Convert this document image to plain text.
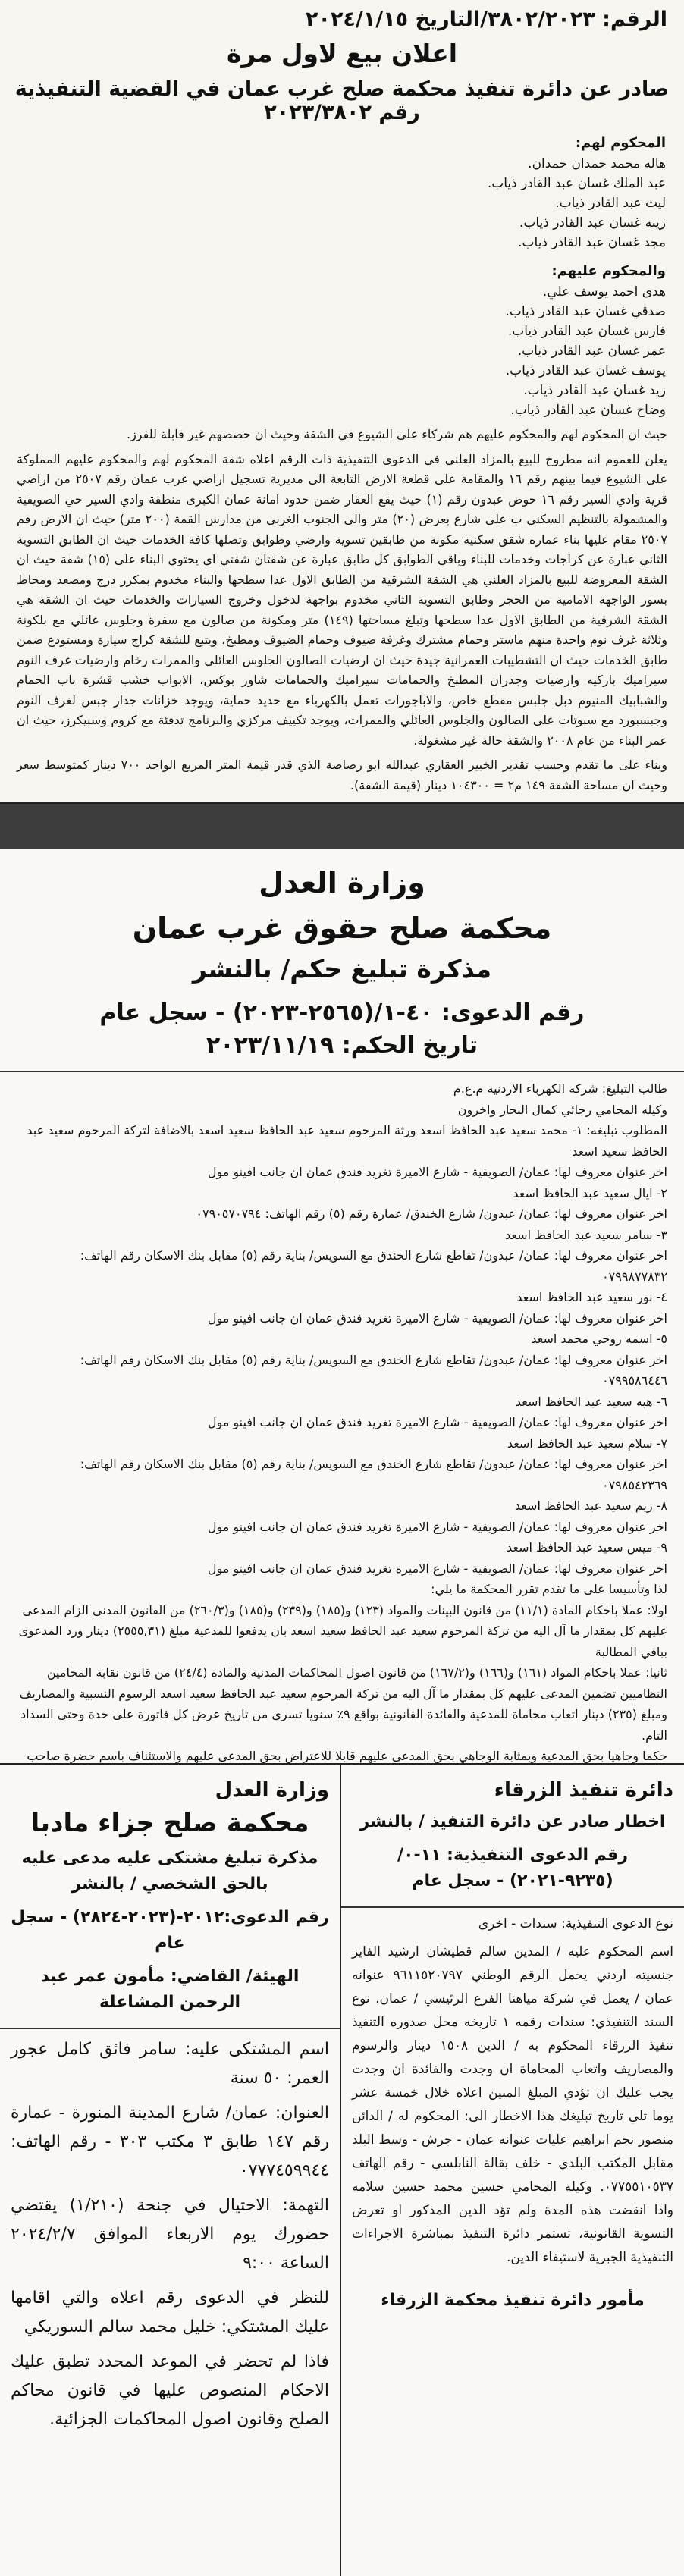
الرقم: ٣٨٠٢/٢٠٢٣/التاريخ ٢٠٢٤/١/١٥

اعلان بيع لاول مرة

صادر عن دائرة تنفيذ محكمة صلح غرب عمان في القضية التنفيذية رقم ٢٠٢٣/٣٨٠٢

المحكوم لهم:
هاله محمد حمدان حمدان.
عبد الملك غسان عبد القادر ذياب.
ليث عبد القادر ذياب.
زينه غسان عبد القادر ذياب.
مجد غسان عبد القادر ذياب.
والمحكوم عليهم:
هدى احمد يوسف علي.
صدقي غسان عبد القادر ذياب.
فارس غسان عبد القادر ذياب.
عمر غسان عبد القادر ذياب.
يوسف غسان عبد القادر ذياب.
زيد غسان عبد القادر ذياب.
وضاح غسان عبد القادر ذياب.

حيث ان المحكوم لهم والمحكوم عليهم هم شركاء على الشيوع في الشقة وحيث ان حصصهم غير قابلة للفرز.

يعلن للعموم انه مطروح للبيع بالمزاد العلني في الدعوى التنفيذية ذات الرقم اعلاه شقة المحكوم لهم والمحكوم عليهم المملوكة على الشيوع فيما بينهم رقم ١٦ والمقامة على قطعة الارض التابعة الى مديرية تسجيل اراضي غرب عمان رقم ٢٥٠٧ من اراضي قرية وادي السير رقم ١٦ حوض عبدون رقم (١) حيث يقع العقار ضمن حدود امانة عمان الكبرى منطقة وادي السير حي الصويفية والمشمولة بالتنظيم السكني ب على شارع بعرض (٢٠) متر والى الجنوب الغربي من مدارس القمة (٢٠٠ متر) حيث ان الارض رقم ٢٥٠٧ مقام عليها بناء عمارة شقق سكنية مكونة من طابقين تسوية وارضي وطوابق وتصلها كافة الخدمات حيث ان الطابق التسوية الثاني عبارة عن كراجات وخدمات للبناء وباقي الطوابق كل طابق عبارة عن شقتان شقتي اي يحتوي البناء على (١٥) شقة حيث ان الشقة المعروضة للبيع بالمزاد العلني هي الشقة الشرقية من الطابق الاول عدا سطحها والبناء مخدوم بمكرر درج ومصعد ومحاط بسور الواجهة الامامية من الحجر وطابق التسوية الثاني مخدوم بواجهة لدخول وخروج السيارات والخدمات حيث ان الشقة هي الشقة الشرقية من الطابق الاول عدا سطحها وتبلغ مساحتها (١٤٩) متر ومكونة من صالون مع سفرة وجلوس عائلي مع بلكونة وثلاثة غرف نوم واحدة منهم ماستر وحمام مشترك وغرفة ضيوف وحمام الضيوف ومطبخ، ويتبع للشقة كراج سيارة ومستودع ضمن طابق الخدمات حيث ان التشطيبات العمرانية جيدة حيث ان ارضيات الصالون الجلوس العائلي والممرات رخام وارضيات غرف النوم سيراميك باركيه وارضيات وجدران المطبخ والحمامات سيراميك والحمامات شاور بوكس، الابواب خشب قشرة باب الحمام والشبابيك المنيوم دبل جلبس مقطع خاص، والاباجورات تعمل بالكهرباء مع حديد حماية، ويوجد خزانات جدار جبس لغرف النوم وجبسبورد مع سبوتات على الصالون والجلوس العائلي والممرات، ويوجد تكييف مركزي والبرنامج تدفئة مع كروم وسبيكرز، حيث ان عمر البناء من عام ٢٠٠٨ والشقة حالة غير مشغولة.

وبناء على ما تقدم وحسب تقدير الخبير العقاري عبدالله ابو رصاصة الذي قدر قيمة المتر المربع الواحد ٧٠٠ دينار كمتوسط سعر وحيث ان مساحة الشقة ١٤٩ م٢ = ١٠٤٣٠٠ دينار (قيمة الشقة).

وزارة العدل
محكمة صلح حقوق غرب عمان
مذكرة تبليغ حكم/ بالنشر
رقم الدعوى: ٤٠-١/(٢٥٦٥-٢٠٢٣) - سجل عام
تاريخ الحكم: ٢٠٢٣/١١/١٩

طالب التبليغ: شركة الكهرباء الاردنية م.ع.م

وكيله المحامي رجائي كمال النجار واخرون

المطلوب تبليغه: ١- محمد سعيد عبد الحافظ اسعد ورثة المرحوم سعيد عبد الحافظ سعيد اسعد بالاضافة لتركة المرحوم سعيد عبد الحافظ سعيد اسعد

اخر عنوان معروف لها: عمان/ الصويفية - شارع الاميرة تغريد فندق عمان ان جانب افينو مول

٢- ايال سعيد عبد الحافظ اسعد

اخر عنوان معروف لها: عمان/ عبدون/ شارع الخندق/ عمارة رقم (٥) رقم الهاتف: ٠٧٩٠٥٧٠٧٩٤

٣- سامر سعيد عبد الحافظ اسعد

اخر عنوان معروف لها: عمان/ عبدون/ تقاطع شارع الخندق مع السويس/ بناية رقم (٥) مقابل بنك الاسكان رقم الهاتف: ٠٧٩٩٨٧٧٨٣٢

٤- نور سعيد عبد الحافظ اسعد

اخر عنوان معروف لها: عمان/ الصويفية - شارع الاميرة تغريد فندق عمان ان جانب افينو مول

٥- اسمه روحي محمد اسعد

اخر عنوان معروف لها: عمان/ عبدون/ تقاطع شارع الخندق مع السويس/ بناية رقم (٥) مقابل بنك الاسكان رقم الهاتف: ٠٧٩٩٥٨٦٤٤٦

٦- هبه سعيد عبد الحافظ اسعد

اخر عنوان معروف لها: عمان/ الصويفية - شارع الاميرة تغريد فندق عمان ان جانب افينو مول

٧- سلام سعيد عبد الحافظ اسعد

اخر عنوان معروف لها: عمان/ عبدون/ تقاطع شارع الخندق مع السويس/ بناية رقم (٥) مقابل بنك الاسكان رقم الهاتف: ٠٧٩٨٥٤٢٣٦٩

٨- ريم سعيد عبد الحافظ اسعد

اخر عنوان معروف لها: عمان/ الصويفية - شارع الاميرة تغريد فندق عمان ان جانب افينو مول

٩- ميس سعيد عبد الحافظ اسعد

اخر عنوان معروف لها: عمان/ الصويفية - شارع الاميرة تغريد فندق عمان ان جانب افينو مول

لذا وتأسيسا على ما تقدم تقرر المحكمة ما يلي:

اولا: عملا باحكام المادة (١١/١) من قانون البينات والمواد (١٢٣) و(١٨٥) و(٢٣٩) و(١٨٥) و(٢٦٠/٣) من القانون المدني الزام المدعى عليهم كل بمقدار ما آل اليه من تركة المرحوم سعيد عبد الحافظ سعيد اسعد بان يدفعوا للمدعية مبلغ (٢٥٥٥,٣١) دينار ورد المدعوى بباقي المطالبة

ثانيا: عملا باحكام المواد (١٦١) و(١٦٦) و(١٦٧/٢) من قانون اصول المحاكمات المدنية والمادة (٢٤/٤) من قانون نقابة المحامين النظاميين تضمين المدعى عليهم كل بمقدار ما آل اليه من تركة المرحوم سعيد عبد الحافظ سعيد اسعد الرسوم النسبية والمصاريف ومبلغ (٢٣٥) دينار اتعاب محاماة للمدعية والفائدة القانونية بواقع ٩٪ سنويا تسري من تاريخ عرض كل فاتورة على حدة وحتى السداد التام.

حكما وجاهيا بحق المدعية وبمثابة الوجاهي بحق المدعى عليهم قابلا للاعتراض بحق المدعى عليهم والاستئناف باسم حضرة صاحب

دائرة تنفيذ الزرقاء
اخطار صادر عن دائرة التنفيذ / بالنشر
رقم الدعوى التنفيذية: ١١-٠/ (٩٢٣٥-٢٠٢١) - سجل عام

نوع الدعوى التنفيذية: سندات - اخرى

اسم المحكوم عليه / المدين سالم قطيشان ارشيد الفايز جنسيته اردني يحمل الرقم الوطني ٩٦١١٥٢٠٧٩٧ عنوانه عمان / يعمل في شركة مياهنا الفرع الرئيسي / عمان. نوع السند التنفيذي: سندات رقمه ١ تاريخه محل صدوره التنفيذ تنفيذ الزرقاء المحكوم به / الدين ١٥٠٨ دينار والرسوم والمصاريف واتعاب المحاماة ان وجدت والفائدة ان وجدت يجب عليك ان تؤدي المبلغ المبين اعلاه خلال خمسة عشر يوما تلي تاريخ تبليغك هذا الاخطار الى: المحكوم له / الدائن منصور نجم ابراهيم عليات عنوانه عمان - جرش - وسط البلد مقابل المكتب البلدي - خلف بقالة النابلسي - رقم الهاتف ٠٧٧٥٥١٠٥٣٧. وكيله المحامي حسين محمد حسين سلامه واذا انقضت هذه المدة ولم تؤد الدين المذكور او تعرض التسوية القانونية، تستمر دائرة التنفيذ بمباشرة الاجراءات التنفيذية الجبرية لاستيفاء الدين.

مأمور دائرة تنفيذ محكمة الزرقاء
وزارة العدل
محكمة صلح جزاء مادبا
مذكرة تبليغ مشتكى عليه مدعى عليه بالحق الشخصي / بالنشر
رقم الدعوى:٢٠١٢-(٢٠٢٣-٢٨٢٤) - سجل عام
الهيئة/ القاضي: مأمون عمر عبد الرحمن المشاعلة

اسم المشتكى عليه: سامر فائق كامل عجور العمر: ٥٠ سنة

العنوان: عمان/ شارع المدينة المنورة - عمارة رقم ١٤٧ طابق ٣ مكتب ٣٠٣ - رقم الهاتف: ٠٧٧٧٤٥٩٩٤٤

التهمة: الاحتيال في جنحة (١/٢١٠) يقتضي حضورك يوم الاربعاء الموافق ٢٠٢٤/٢/٧ الساعة ٩:٠٠

للنظر في الدعوى رقم اعلاه والتي اقامها عليك المشتكي: خليل محمد سالم السوريكي

فاذا لم تحضر في الموعد المحدد تطبق عليك الاحكام المنصوص عليها في قانون محاكم الصلح وقانون اصول المحاكمات الجزائية.
